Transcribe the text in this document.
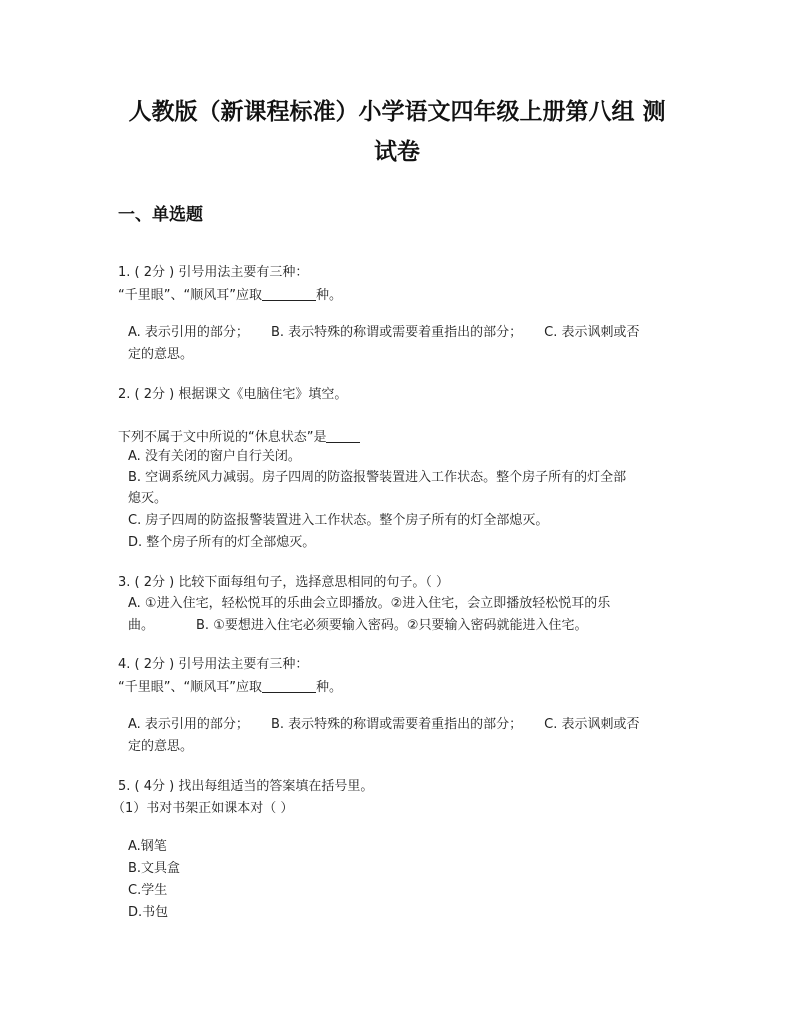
人教版（新课程标准）小学语文四年级上册第八组 测
试卷
一、单选题
1. ( 2分 ) 引号用法主要有三种：
“千里眼”、“顺风耳”应取	种。
A. 表示引用的部分； B. 表示特殊的称谓或需要着重指出的部分； C. 表示讽刺或否
定的意思。
2. ( 2分 ) 根据课文《电脑住宅》填空。
下列不属于文中所说的“休息状态”是
A. 没有关闭的窗户自行关闭。
B. 空调系统风力减弱。房子四周的防盗报警装置进入工作状态。整个房子所有的灯全部
熄灭。
C. 房子四周的防盗报警装置进入工作状态。整个房子所有的灯全部熄灭。
D. 整个房子所有的灯全部熄灭。
3. ( 2分 ) 比较下面每组句子，选择意思相同的句子。（ ）
A. ①进入住宅，轻松悦耳的乐曲会立即播放。②进入住宅，会立即播放轻松悦耳的乐
曲。	B. ①要想进入住宅必须要输入密码。②只要输入密码就能进入住宅。
4. ( 2分 ) 引号用法主要有三种：
“千里眼”、“顺风耳”应取	种。
A. 表示引用的部分； B. 表示特殊的称谓或需要着重指出的部分； C. 表示讽刺或否
定的意思。
5. ( 4分 ) 找出每组适当的答案填在括号里。
（1）书对书架正如课本对（ ）
A.钢笔
B.文具盒
C.学生
D.书包
